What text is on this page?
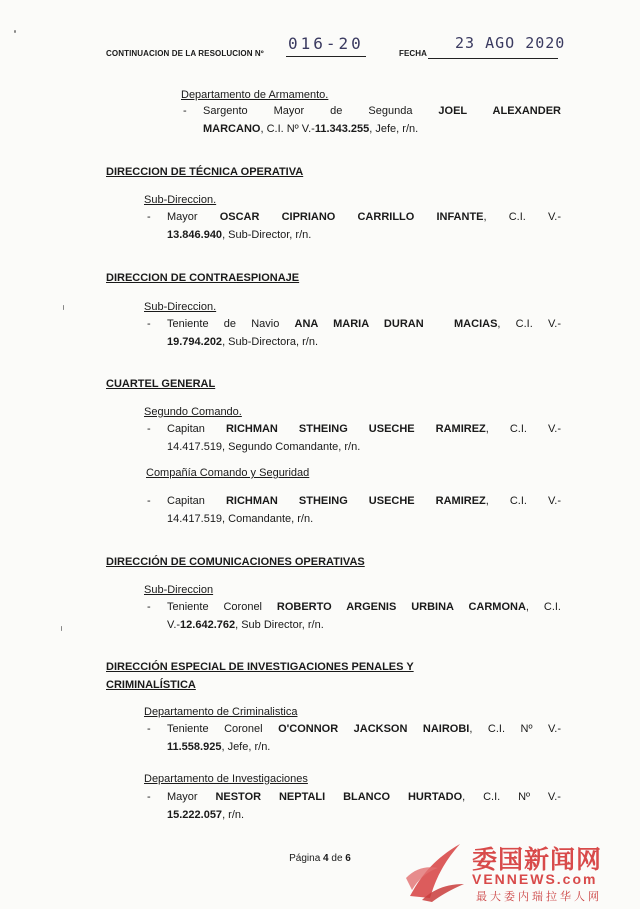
CONTINUACION DE LA RESOLUCION Nº
016-20
FECHA
23 AGO 2020
Departamento de Armamento.
- Sargento Mayor de Segunda JOEL ALEXANDER
MARCANO, C.I. Nº V.-11.343.255, Jefe, r/n.
DIRECCION DE TÉCNICA OPERATIVA
Sub-Direccion.
- Mayor OSCAR CIPRIANO CARRILLO INFANTE, C.I. V.-
13.846.940, Sub-Director, r/n.
DIRECCION DE CONTRAESPIONAJE
Sub-Direccion.
- Teniente de Navio ANA MARIA DURAN  MACIAS, C.I. V.-
19.794.202, Sub-Directora, r/n.
CUARTEL GENERAL
Segundo Comando.
- Capitan RICHMAN STHEING USECHE RAMIREZ, C.I. V.-
14.417.519, Segundo Comandante, r/n.
Compañía Comando y Seguridad
- Capitan RICHMAN STHEING USECHE RAMIREZ, C.I. V.-
14.417.519, Comandante, r/n.
DIRECCIÓN DE COMUNICACIONES OPERATIVAS
Sub-Direccion
- Teniente Coronel ROBERTO ARGENIS URBINA CARMONA, C.I.
V.-12.642.762, Sub Director, r/n.
DIRECCIÓN ESPECIAL DE INVESTIGACIONES PENALES Y
CRIMINALÍSTICA
Departamento de Criminalistica
- Teniente Coronel O'CONNOR JACKSON NAIROBI, C.I. Nº V.-
11.558.925, Jefe, r/n.
Departamento de Investigaciones
- Mayor NESTOR NEPTALI BLANCO HURTADO, C.I. Nº V.-
15.222.057, r/n.
Página 4 de 6	委国新闻网
VENNEWS.com
最大委内瑞拉华人网
